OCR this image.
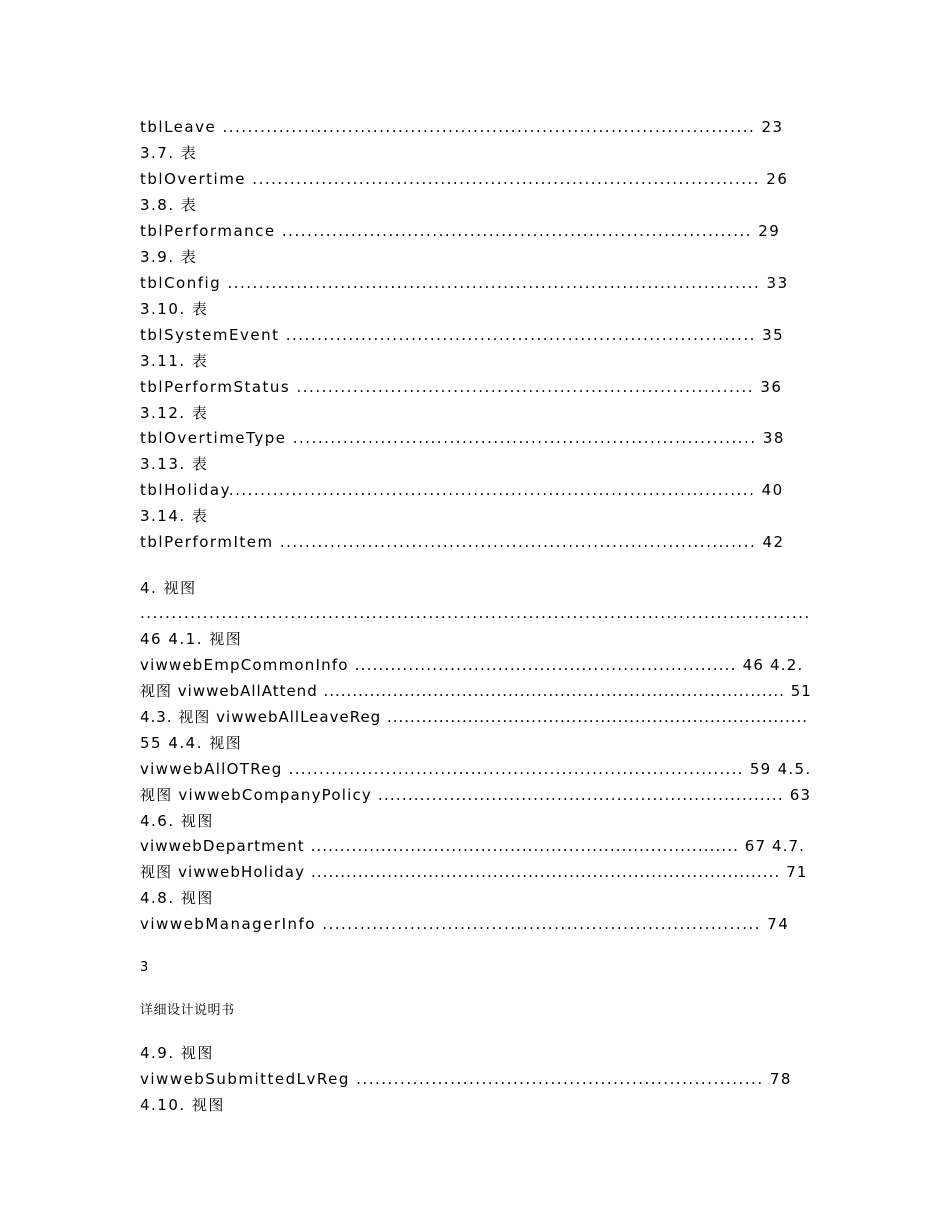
tblLeave ..................................................................................... 23
3.7. 表
tblOvertime ................................................................................. 26
3.8. 表
tblPerformance ........................................................................... 29
3.9. 表
tblConfig ..................................................................................... 33
3.10. 表
tblSystemEvent ........................................................................... 35
3.11. 表
tblPerformStatus ......................................................................... 36
3.12. 表
tblOvertimeType .......................................................................... 38
3.13. 表
tblHoliday.................................................................................... 40
3.14. 表
tblPerformItem ............................................................................ 42
4. 视图
...........................................................................................................
46 4.1. 视图
viwwebEmpCommonInfo ................................................................ 46 4.2.
视图 viwwebAllAttend ................................................................................ 51
4.3. 视图 viwwebAllLeaveReg .........................................................................
55 4.4. 视图
viwwebAllOTReg ........................................................................... 59 4.5.
视图 viwwebCompanyPolicy .................................................................... 63
4.6. 视图
viwwebDepartment ......................................................................... 67 4.7.
视图 viwwebHoliday ................................................................................ 71
4.8. 视图
viwwebManagerInfo ...................................................................... 74
3
详细设计说明书
4.9. 视图
viwwebSubmittedLvReg ................................................................. 78
4.10. 视图
